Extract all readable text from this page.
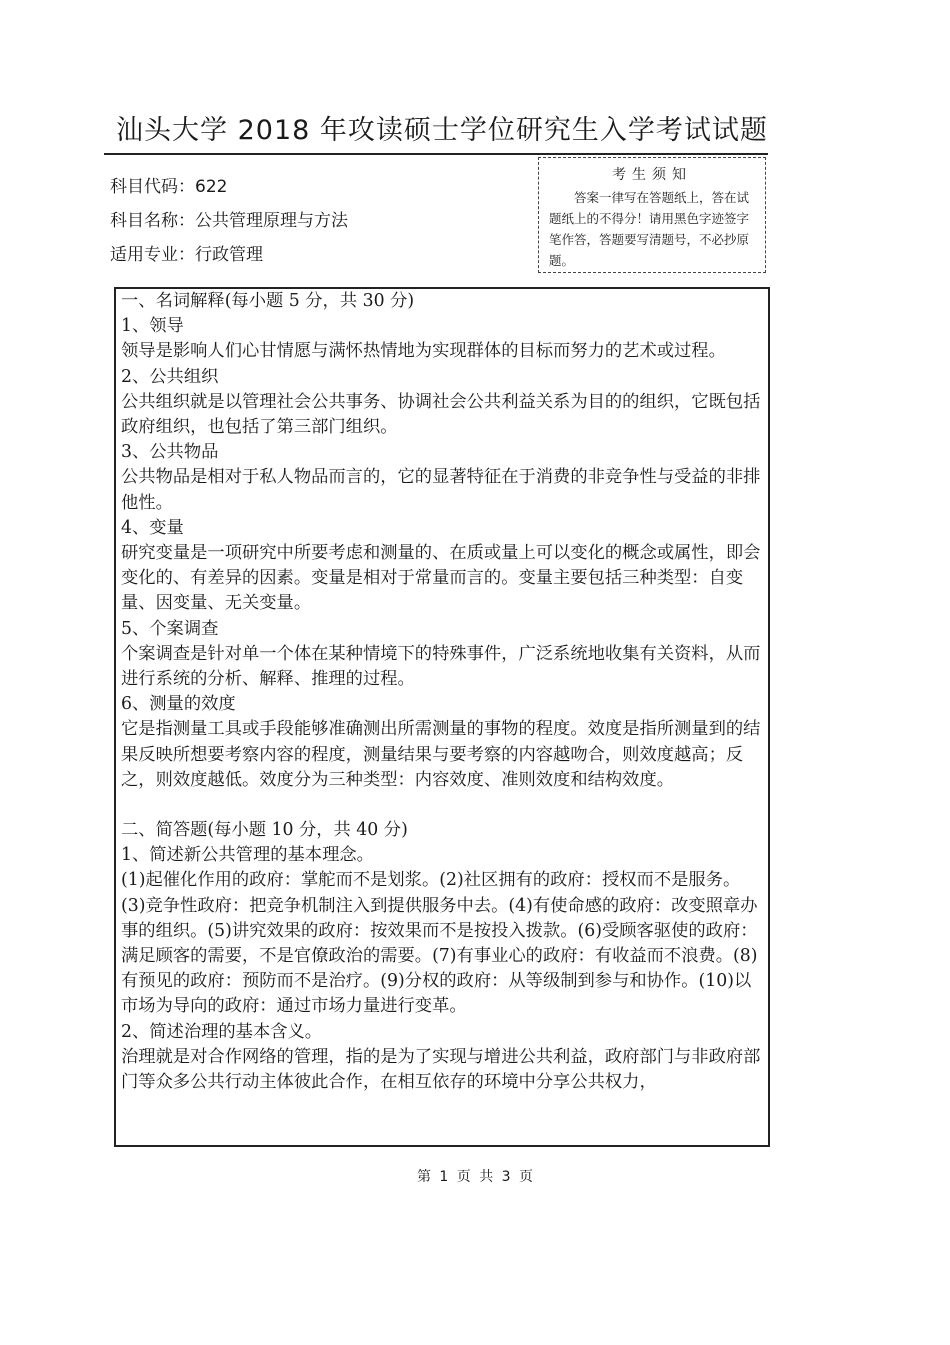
汕头大学 2018 年攻读硕士学位研究生入学考试试题
科目代码：622
科目名称：公共管理原理与方法
适用专业：行政管理
考生须知
答案一律写在答题纸上，答在试题纸上的不得分！请用黑色字迹签字笔作答，答题要写清题号，不必抄原题。

一、名词解释(每小题 5 分，共 30 分)

1、领导

领导是影响人们心甘情愿与满怀热情地为实现群体的目标而努力的艺术或过程。

2、公共组织

公共组织就是以管理社会公共事务、协调社会公共利益关系为目的的组织，它既包括政府组织，也包括了第三部门组织。

3、公共物品

公共物品是相对于私人物品而言的，它的显著特征在于消费的非竞争性与受益的非排他性。

4、变量

研究变量是一项研究中所要考虑和测量的、在质或量上可以变化的概念或属性，即会变化的、有差异的因素。变量是相对于常量而言的。变量主要包括三种类型：自变量、因变量、无关变量。

5、个案调查

个案调查是针对单一个体在某种情境下的特殊事件，广泛系统地收集有关资料，从而进行系统的分析、解释、推理的过程。

6、测量的效度

它是指测量工具或手段能够准确测出所需测量的事物的程度。效度是指所测量到的结果反映所想要考察内容的程度，测量结果与要考察的内容越吻合，则效度越高；反之，则效度越低。效度分为三种类型：内容效度、准则效度和结构效度。

二、简答题(每小题 10 分，共 40 分)

1、简述新公共管理的基本理念。

(1)起催化作用的政府：掌舵而不是划浆。(2)社区拥有的政府：授权而不是服务。(3)竞争性政府：把竞争机制注入到提供服务中去。(4)有使命感的政府：改变照章办事的组织。(5)讲究效果的政府：按效果而不是按投入拨款。(6)受顾客驱使的政府：满足顾客的需要，不是官僚政治的需要。(7)有事业心的政府：有收益而不浪费。(8)有预见的政府：预防而不是治疗。(9)分权的政府：从等级制到参与和协作。(10)以市场为导向的政府：通过市场力量进行变革。

2、简述治理的基本含义。

治理就是对合作网络的管理，指的是为了实现与增进公共利益，政府部门与非政府部门等众多公共行动主体彼此合作，在相互依存的环境中分享公共权力，

第 1 页 共 3 页
